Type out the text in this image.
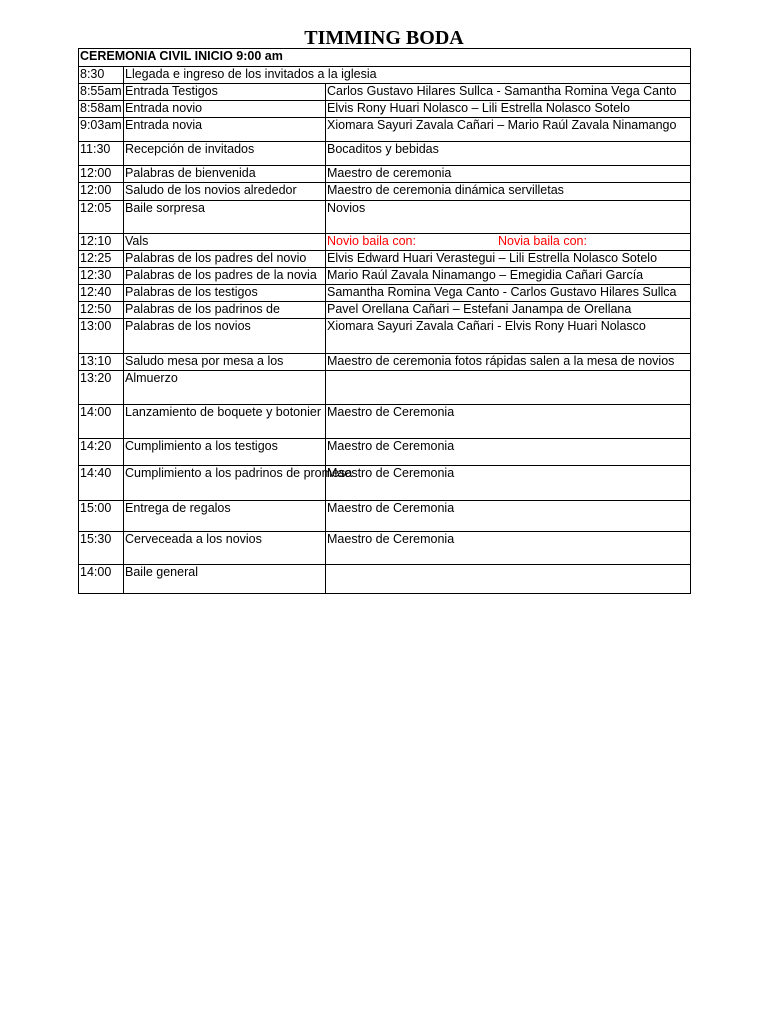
TIMMING BODA
CEREMONIA CIVIL INICIO 9:00 am		
8:30	Llegada e ingreso de los invitados a la iglesia	
8:55am	Entrada Testigos	Carlos Gustavo Hilares Sullca - Samantha Romina Vega Canto
8:58am	Entrada novio	Elvis Rony Huari Nolasco – Lili Estrella Nolasco Sotelo
9:03am	Entrada novia	Xiomara Sayuri Zavala Cañari – Mario Raúl Zavala Ninamango
11:30	Recepción de invitados	Bocaditos y bebidas
12:00	Palabras de bienvenida	Maestro de ceremonia
12:00	Saludo de los novios alrededor	Maestro de ceremonia dinámica servilletas
12:05	Baile sorpresa	Novios
12:10	Vals	Novio baila con: Novia baila con:

12:25	Palabras de los padres del novio	Elvis Edward Huari Verastegui – Lili Estrella Nolasco Sotelo
12:30	Palabras de los padres de la novia	Mario Raúl Zavala Ninamango – Emegidia Cañari García
12:40	Palabras de los testigos	Samantha Romina Vega Canto - Carlos Gustavo Hilares Sullca
12:50	Palabras de los padrinos de	Pavel Orellana Cañari – Estefani Janampa de Orellana
13:00	Palabras de los novios	Xiomara Sayuri Zavala Cañari - Elvis Rony Huari Nolasco
13:10	Saludo mesa por mesa a los	Maestro de ceremonia fotos rápidas salen a la mesa de novios
13:20	Almuerzo	
14:00	Lanzamiento de boquete y botonier	Maestro de Ceremonia
14:20	Cumplimiento a los testigos	Maestro de Ceremonia
14:40	Cumplimiento a los padrinos de promesa	Maestro de Ceremonia
15:00	Entrega de regalos	Maestro de Ceremonia
15:30	Cerveceada a los novios	Maestro de Ceremonia
14:00	Baile general	
